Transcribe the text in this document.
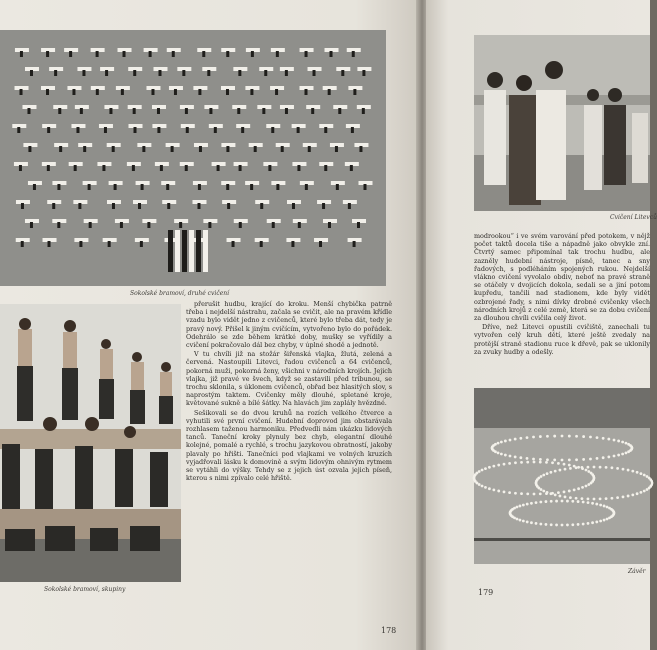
Sokolské bramoví, druhé cvičení
Sokolské bramoví, skupiny

přerušit hudbu, krající do kroku. Menší chybička patrně třeba i nejdelší nástrahu, začala se cvičit, ale na pravém křídle vzadu bylo vidět jedno z cvičenců, které bylo třeba dát, tedy je pravý nový. Přišel k jiným cvičícím, vytvořeno bylo do pořádek. Odehrálo se zde během krátké doby, mušky se vyřídily a cvičení pokračovalo dál bez chyby, v úplné shodě a jednotě.

V tu chvíli již na stožár šiřenská vlajka, žlutá, zelená a červená. Nastoupili Litevci, řadou cvičenců a 64 cvičenců, pokorná muži, pokorná ženy, všichni v národních krojích. Jejich vlajka, již pravé ve švech, když se zastavili před tribunou, se trochu sklonila, s úklonem cvičenců, obřad bez hlasitých slov, s naprostým taktem. Cvičenky měly dlouhé, spletané kroje, květované sukně a bílé šátky. Na hlavách jim zaplály hvězdné.

Sešikovali se do dvou kruhů na rozích velkého čtverce a vyhutili své první cvičení. Hudební doprovod jim obstarávala rozhlasem taženou harmoniku. Předvedli nám ukázku lidových tanců. Taneční kroky plynuly bez chyb, elegantní dlouhé kolejné, pomalé a rychlé, s trochu jazykovou obratností, jakoby plavaly po hřišti. Tanečníci pod vlajkami ve volných kruzích vyjadřovali lásku k domovině a svým lidovým ohnivým rytmem se vytáhli do výšky. Tehdy se z jejich úst ozvala jejich píseň, kterou s nimi zpívalo celé hřiště.

178
Cvičení Litevců

modrookou“ i ve svém varování před potokem, v nějž počet taktů docela tiše a nápadně jako obvykle zní. Čtvrtý samec připomínal tak trochu hudbu, ale zazněly hudební nástroje, písně, tanec a sny řadových, s podléháním spojených rukou. Nejdelší vlákno cvičení vyvolalo obdiv, neboť na pravé straně se otáčely v dvojicích dokola, sedali se a jiní potom kupředu, tančili nad stadionem, kde byly vidět ozbrojené řady, s nimi dívky drobné cvičenky všech národních krojů z celé země, která se za dobu cvičení za dlouhou chvíli cvičila celý život.

Dříve, než Litevci opustili cvičiště, zanechali tu vytvořen celý kruh dětí, které ještě zvedaly na protější straně stadionu ruce k dřevě, pak se uklonily za zvuky hudby a odešly.

Závěr
179
